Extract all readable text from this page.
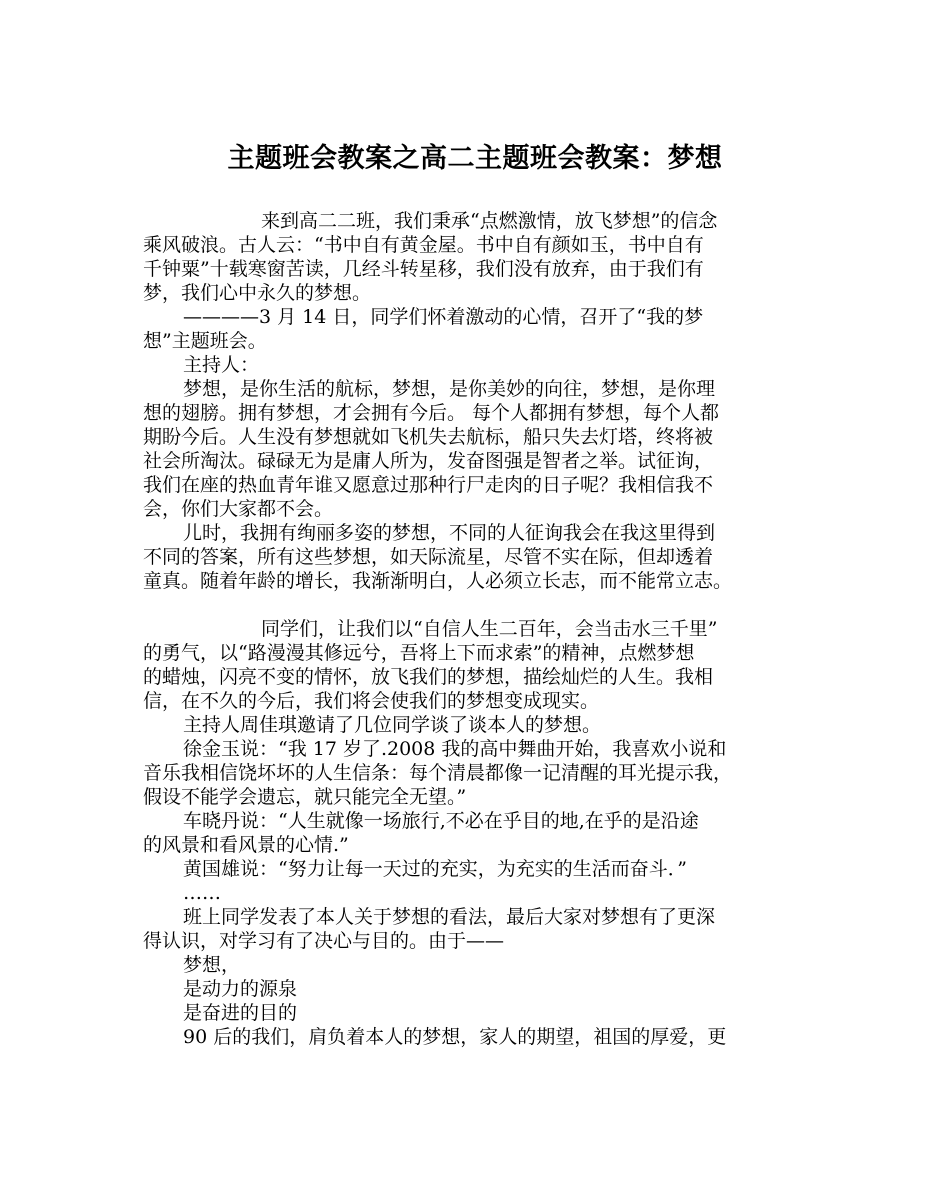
主题班会教案之高二主题班会教案：梦想
来到高二二班，我们秉承“点燃激情，放飞梦想”的信念
乘风破浪。古人云：“书中自有黄金屋。书中自有颜如玉，书中自有
千钟粟”十载寒窗苦读，几经斗转星移，我们没有放弃，由于我们有
梦，我们心中永久的梦想。
————3 月 14 日，同学们怀着激动的心情，召开了“我的梦
想”主题班会。
主持人：
梦想，是你生活的航标，梦想，是你美妙的向往，梦想，是你理
想的翅膀。拥有梦想，才会拥有今后。 每个人都拥有梦想，每个人都
期盼今后。人生没有梦想就如飞机失去航标，船只失去灯塔，终将被
社会所淘汰。碌碌无为是庸人所为，发奋图强是智者之举。试征询，
我们在座的热血青年谁又愿意过那种行尸走肉的日子呢？我相信我不
会，你们大家都不会。
儿时，我拥有绚丽多姿的梦想，不同的人征询我会在我这里得到
不同的答案，所有这些梦想，如天际流星，尽管不实在际，但却透着
童真。随着年龄的增长，我渐渐明白，人必须立长志，而不能常立志。
同学们，让我们以“自信人生二百年，会当击水三千里”
的勇气，以“路漫漫其修远兮，吾将上下而求索”的精神，点燃梦想
的蜡烛，闪亮不变的情怀，放飞我们的梦想，描绘灿烂的人生。我相
信，在不久的今后，我们将会使我们的梦想变成现实。
主持人周佳琪邀请了几位同学谈了谈本人的梦想。
徐金玉说：“我 17 岁了.2008 我的高中舞曲开始，我喜欢小说和
音乐我相信饶坏坏的人生信条：每个清晨都像一记清醒的耳光提示我，
假设不能学会遗忘，就只能完全无望。”
车晓丹说：“人生就像一场旅行,不必在乎目的地,在乎的是沿途
的风景和看风景的心情.”
黄国雄说：“努力让每一天过的充实，为充实的生活而奋斗．”
……
班上同学发表了本人关于梦想的看法，最后大家对梦想有了更深
得认识，对学习有了决心与目的。由于——
梦想，
是动力的源泉
是奋进的目的
90 后的我们，肩负着本人的梦想，家人的期望，祖国的厚爱，更
